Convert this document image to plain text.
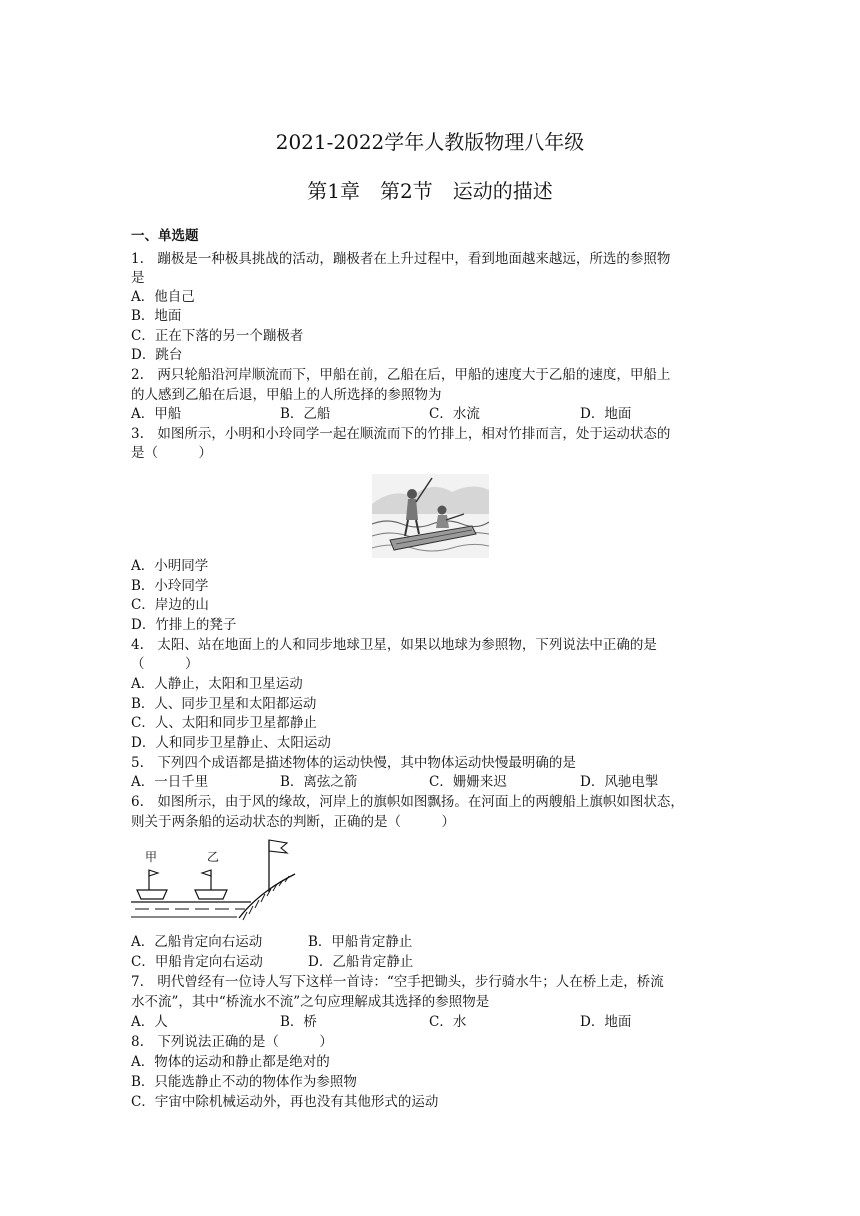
2021-2022学年人教版物理八年级
第1章　第2节　运动的描述
一、单选题
1.　蹦极是一种极具挑战的活动，蹦极者在上升过程中，看到地面越来越远，所选的参照物
是
A．他自己
B．地面
C．正在下落的另一个蹦极者
D．跳台
2.　两只轮船沿河岸顺流而下，甲船在前，乙船在后，甲船的速度大于乙船的速度，甲船上
的人感到乙船在后退，甲船上的人所选择的参照物为
A．甲船	B．乙船	C．水流	D．地面
3.　如图所示，小明和小玲同学一起在顺流而下的竹排上，相对竹排而言，处于运动状态的
是（　　　）
A．小明同学
B．小玲同学
C．岸边的山
D．竹排上的凳子
4.　太阳、站在地面上的人和同步地球卫星，如果以地球为参照物，下列说法中正确的是
（　　　）
A．人静止，太阳和卫星运动
B．人、同步卫星和太阳都运动
C．人、太阳和同步卫星都静止
D．人和同步卫星静止、太阳运动
5.　下列四个成语都是描述物体的运动快慢，其中物体运动快慢最明确的是
A．一日千里	B．离弦之箭	C．姗姗来迟	D．风驰电掣
6.　如图所示，由于风的缘故，河岸上的旗帜如图飘扬。在河面上的两艘船上旗帜如图状态，
则关于两条船的运动状态的判断，正确的是（　　　）
甲	乙
A．乙船肯定向右运动	B．甲船肯定静止
C．甲船肯定向右运动	D．乙船肯定静止
7.　明代曾经有一位诗人写下这样一首诗：“空手把锄头，步行骑水牛；人在桥上走，桥流
水不流”，其中“桥流水不流”之句应理解成其选择的参照物是
A．人	B．桥	C．水	D．地面
8.　下列说法正确的是（　　　）
A．物体的运动和静止都是绝对的
B．只能选静止不动的物体作为参照物
C．宇宙中除机械运动外，再也没有其他形式的运动
